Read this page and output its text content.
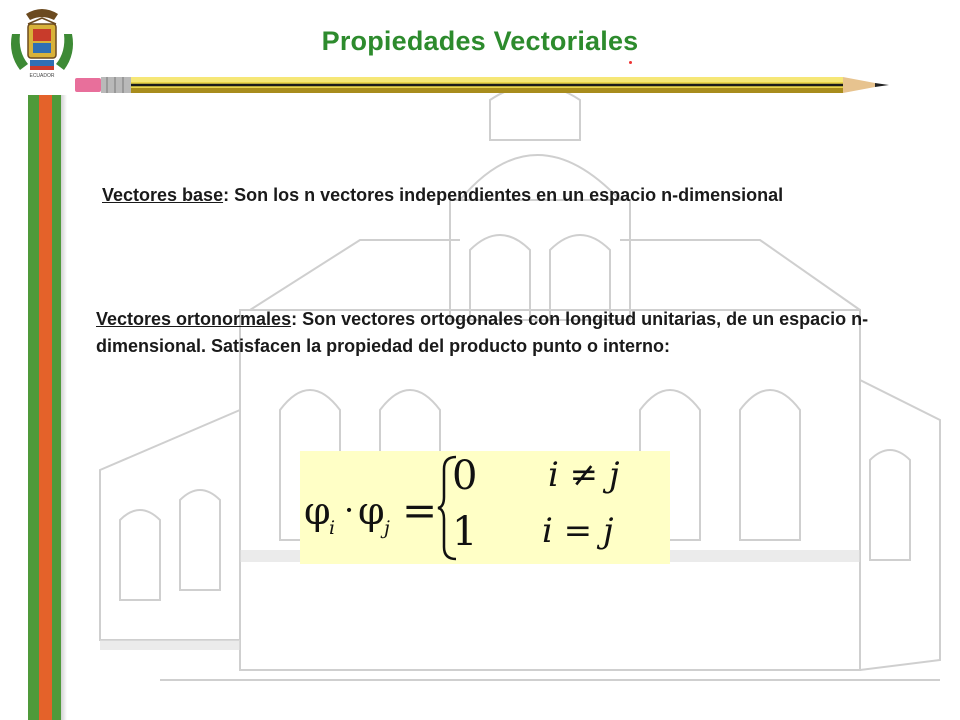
ECUADOR
Propiedades Vectoriales
Vectores base: Son los n vectores independientes en un espacio n-dimensional
Vectores ortonormales: Son vectores ortogonales con longitud unitarias, de un espacio n-dimensional. Satisfacen la propiedad del producto punto o interno:
φ
i · φ j =
0 i ≠ j
1 i = j
